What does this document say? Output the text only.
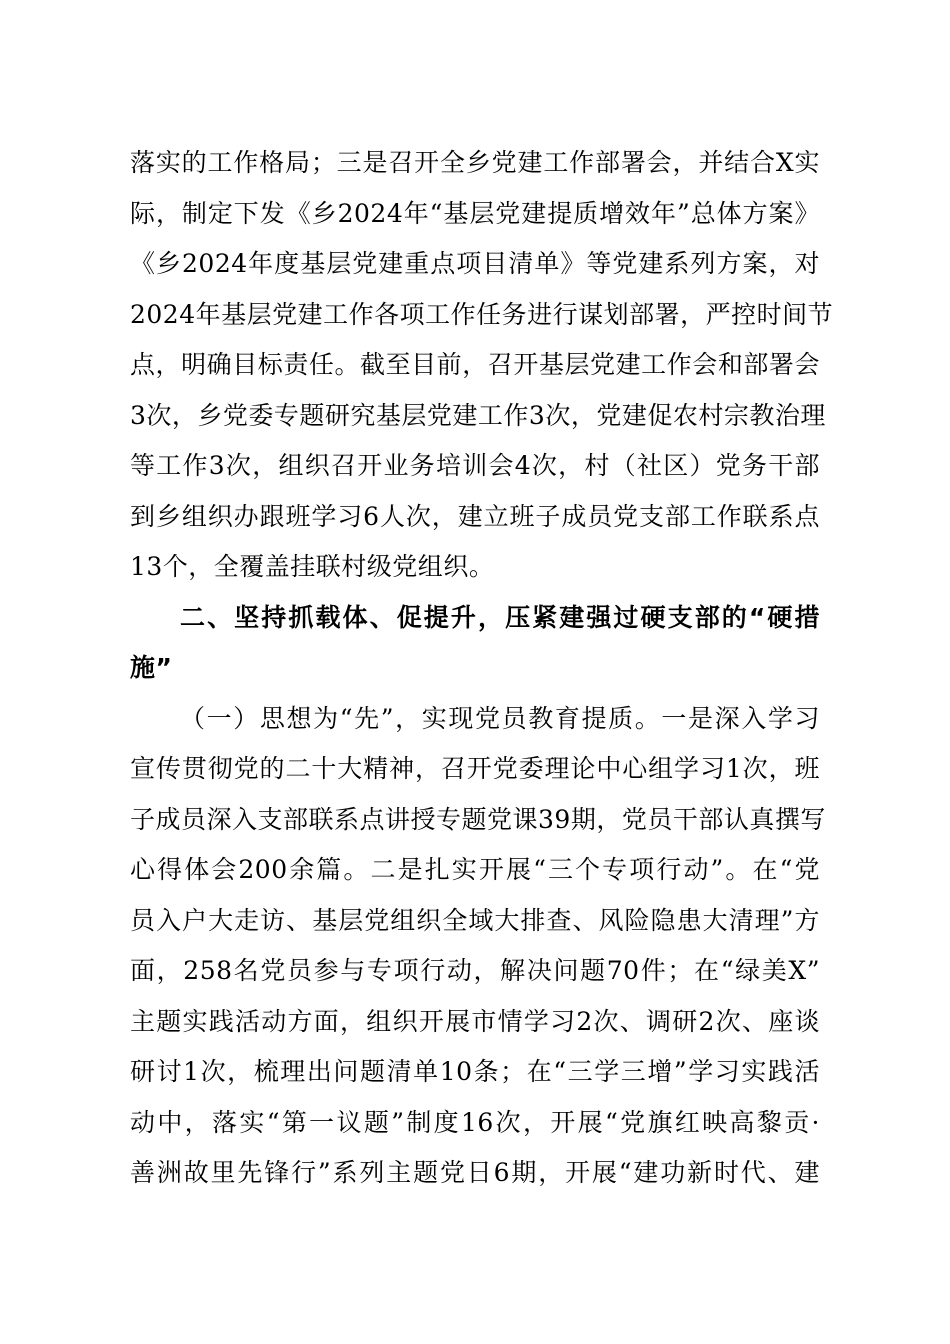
落实的工作格局；三是召开全乡党建工作部署会，并结合X实
际，制定下发《乡2024年“基层党建提质增效年”总体方案》
《乡2024年度基层党建重点项目清单》等党建系列方案，对
2024年基层党建工作各项工作任务进行谋划部署，严控时间节
点，明确目标责任。截至目前，召开基层党建工作会和部署会
3次，乡党委专题研究基层党建工作3次，党建促农村宗教治理
等工作3次，组织召开业务培训会4次，村（社区）党务干部
到乡组织办跟班学习6人次，建立班子成员党支部工作联系点
13个，全覆盖挂联村级党组织。
二、坚持抓载体、促提升，压紧建强过硬支部的“硬措
施”
（一）思想为“先”，实现党员教育提质。一是深入学习
宣传贯彻党的二十大精神，召开党委理论中心组学习1次，班
子成员深入支部联系点讲授专题党课39期，党员干部认真撰写
心得体会200余篇。二是扎实开展“三个专项行动”。在“党
员入户大走访、基层党组织全域大排查、风险隐患大清理”方
面，258名党员参与专项行动，解决问题70件；在“绿美X”
主题实践活动方面，组织开展市情学习2次、调研2次、座谈
研讨1次，梳理出问题清单10条；在“三学三增”学习实践活
动中，落实“第一议题”制度16次，开展“党旗红映高黎贡·
善洲故里先锋行”系列主题党日6期，开展“建功新时代、建
